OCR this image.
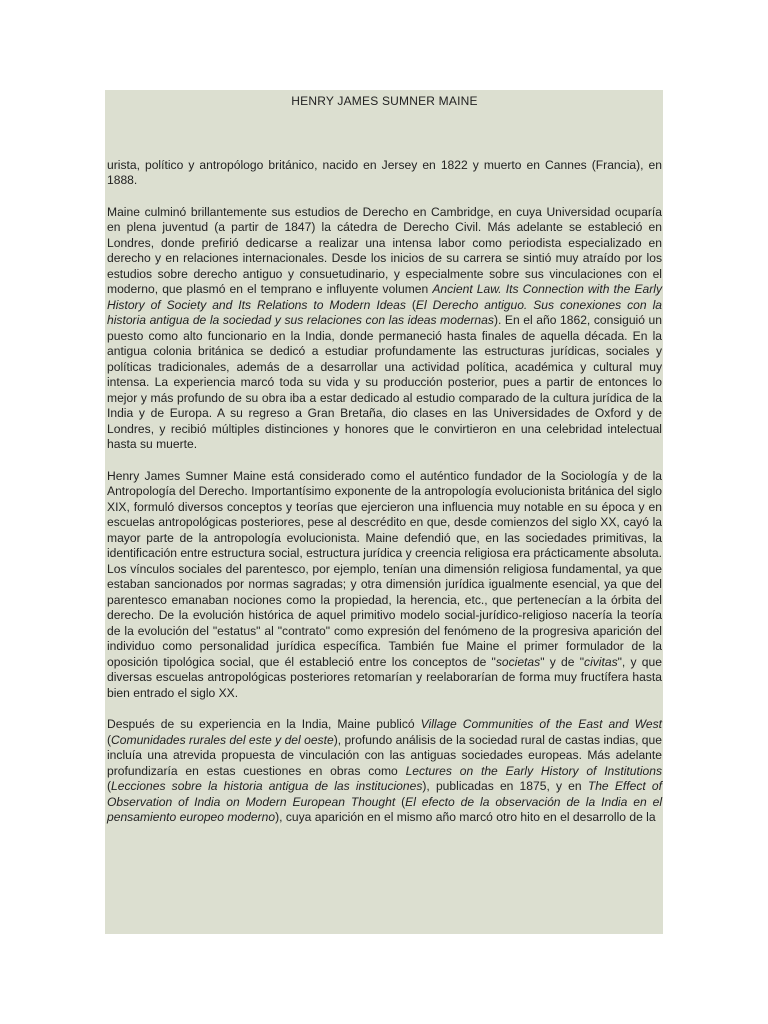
HENRY JAMES SUMNER MAINE

urista, político y antropólogo británico, nacido en Jersey en 1822 y muerto en Cannes (Francia), en 1888.

Maine culminó brillantemente sus estudios de Derecho en Cambridge, en cuya Universidad ocuparía en plena juventud (a partir de 1847) la cátedra de Derecho Civil. Más adelante se estableció en Londres, donde prefirió dedicarse a realizar una intensa labor como periodista especializado en derecho y en relaciones internacionales. Desde los inicios de su carrera se sintió muy atraído por los estudios sobre derecho antiguo y consuetudinario, y especialmente sobre sus vinculaciones con el moderno, que plasmó en el temprano e influyente volumen Ancient Law. Its Connection with the Early History of Society and Its Relations to Modern Ideas (El Derecho antiguo. Sus conexiones con la historia antigua de la sociedad y sus relaciones con las ideas modernas). En el año 1862, consiguió un puesto como alto funcionario en la India, donde permaneció hasta finales de aquella década. En la antigua colonia británica se dedicó a estudiar profundamente las estructuras jurídicas, sociales y políticas tradicionales, además de a desarrollar una actividad política, académica y cultural muy intensa. La experiencia marcó toda su vida y su producción posterior, pues a partir de entonces lo mejor y más profundo de su obra iba a estar dedicado al estudio comparado de la cultura jurídica de la India y de Europa. A su regreso a Gran Bretaña, dio clases en las Universidades de Oxford y de Londres, y recibió múltiples distinciones y honores que le convirtieron en una celebridad intelectual hasta su muerte.

Henry James Sumner Maine está considerado como el auténtico fundador de la Sociología y de la Antropología del Derecho. Importantísimo exponente de la antropología evolucionista británica del siglo XIX, formuló diversos conceptos y teorías que ejercieron una influencia muy notable en su época y en escuelas antropológicas posteriores, pese al descrédito en que, desde comienzos del siglo XX, cayó la mayor parte de la antropología evolucionista. Maine defendió que, en las sociedades primitivas, la identificación entre estructura social, estructura jurídica y creencia religiosa era prácticamente absoluta. Los vínculos sociales del parentesco, por ejemplo, tenían una dimensión religiosa fundamental, ya que estaban sancionados por normas sagradas; y otra dimensión jurídica igualmente esencial, ya que del parentesco emanaban nociones como la propiedad, la herencia, etc., que pertenecían a la órbita del derecho. De la evolución histórica de aquel primitivo modelo social-jurídico-religioso nacería la teoría de la evolución del "estatus" al "contrato" como expresión del fenómeno de la progresiva aparición del individuo como personalidad jurídica específica. También fue Maine el primer formulador de la oposición tipológica social, que él estableció entre los conceptos de "societas" y de "civitas", y que diversas escuelas antropológicas posteriores retomarían y reelaborarían de forma muy fructífera hasta bien entrado el siglo XX.

Después de su experiencia en la India, Maine publicó Village Communities of the East and West (Comunidades rurales del este y del oeste), profundo análisis de la sociedad rural de castas indias, que incluía una atrevida propuesta de vinculación con las antiguas sociedades europeas. Más adelante profundizaría en estas cuestiones en obras como Lectures on the Early History of Institutions (Lecciones sobre la historia antigua de las instituciones), publicadas en 1875, y en The Effect of Observation of India on Modern European Thought (El efecto de la observación de la India en el pensamiento europeo moderno), cuya aparición en el mismo año marcó otro hito en el desarrollo de la
